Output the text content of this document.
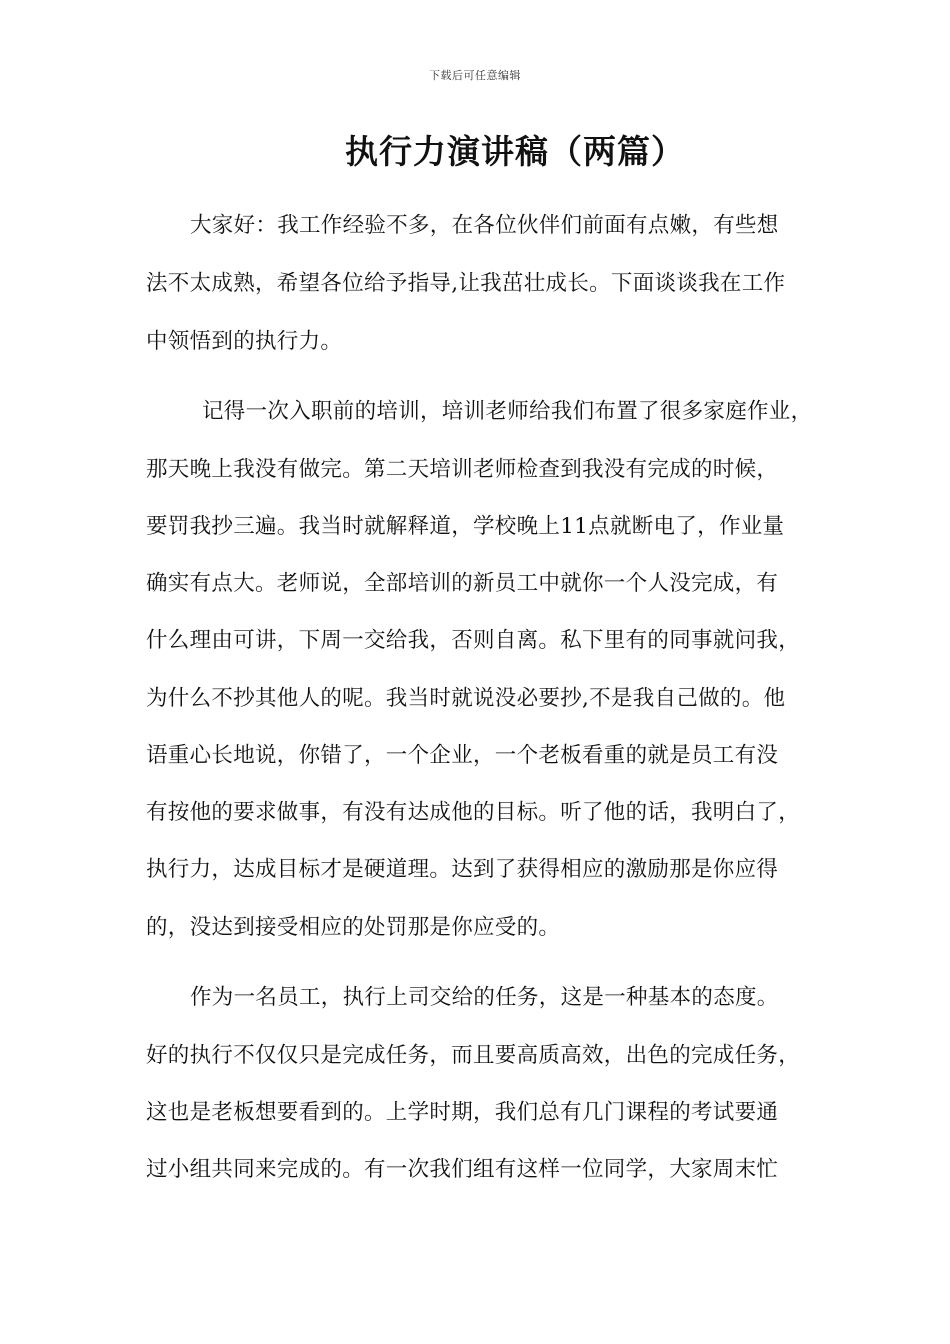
下载后可任意编辑
执行力演讲稿（两篇）
大家好：我工作经验不多，在各位伙伴们前面有点嫩，有些想
法不太成熟，希望各位给予指导,让我茁壮成长。下面谈谈我在工作
中领悟到的执行力。
记得一次入职前的培训，培训老师给我们布置了很多家庭作业，
那天晚上我没有做完。第二天培训老师检查到我没有完成的时候，
要罚我抄三遍。我当时就解释道，学校晚上11点就断电了，作业量
确实有点大。老师说，全部培训的新员工中就你一个人没完成，有
什么理由可讲，下周一交给我，否则自离。私下里有的同事就问我，
为什么不抄其他人的呢。我当时就说没必要抄,不是我自己做的。他
语重心长地说，你错了，一个企业，一个老板看重的就是员工有没
有按他的要求做事，有没有达成他的目标。听了他的话，我明白了，
执行力，达成目标才是硬道理。达到了获得相应的激励那是你应得
的，没达到接受相应的处罚那是你应受的。
作为一名员工，执行上司交给的任务，这是一种基本的态度。
好的执行不仅仅只是完成任务，而且要高质高效，出色的完成任务，
这也是老板想要看到的。上学时期，我们总有几门课程的考试要通
过小组共同来完成的。有一次我们组有这样一位同学，大家周末忙
